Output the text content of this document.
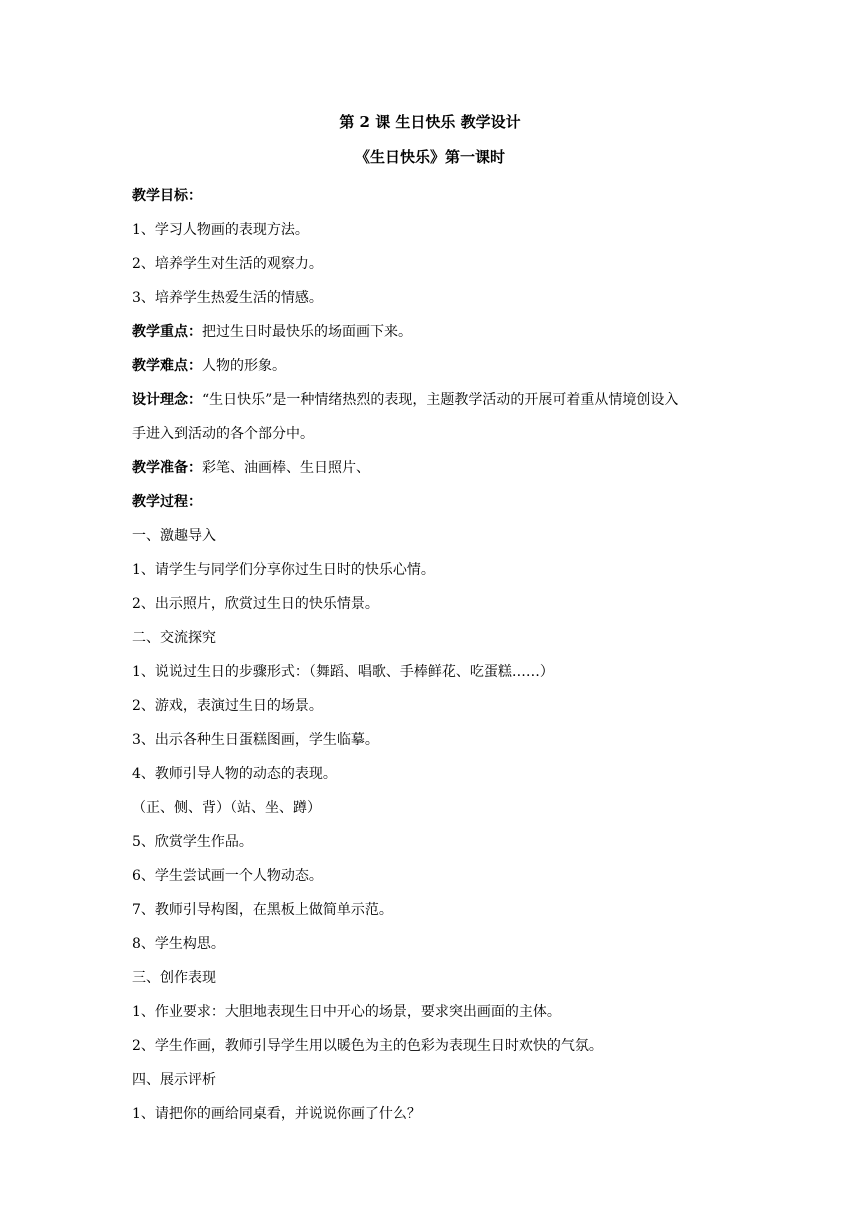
第 2 课 生日快乐 教学设计
《生日快乐》第一课时

教学目标：

1、学习人物画的表现方法。

2、培养学生对生活的观察力。

3、培养学生热爱生活的情感。

教学重点：把过生日时最快乐的场面画下来。

教学难点：人物的形象。

设计理念：“生日快乐”是一种情绪热烈的表现，主题教学活动的开展可着重从情境创设入

手进入到活动的各个部分中。

教学准备：彩笔、油画棒、生日照片、

教学过程：

一、激趣导入

1、请学生与同学们分享你过生日时的快乐心情。

2、出示照片，欣赏过生日的快乐情景。

二、交流探究

1、说说过生日的步骤形式：（舞蹈、唱歌、手棒鲜花、吃蛋糕……）

2、游戏，表演过生日的场景。

3、出示各种生日蛋糕图画，学生临摹。

4、教师引导人物的动态的表现。

（正、侧、背）（站、坐、蹲）

5、欣赏学生作品。

6、学生尝试画一个人物动态。

7、教师引导构图，在黑板上做简单示范。

8、学生构思。

三、创作表现

1、作业要求：大胆地表现生日中开心的场景，要求突出画面的主体。

2、学生作画，教师引导学生用以暖色为主的色彩为表现生日时欢快的气氛。

四、展示评析

1、请把你的画给同桌看，并说说你画了什么？
